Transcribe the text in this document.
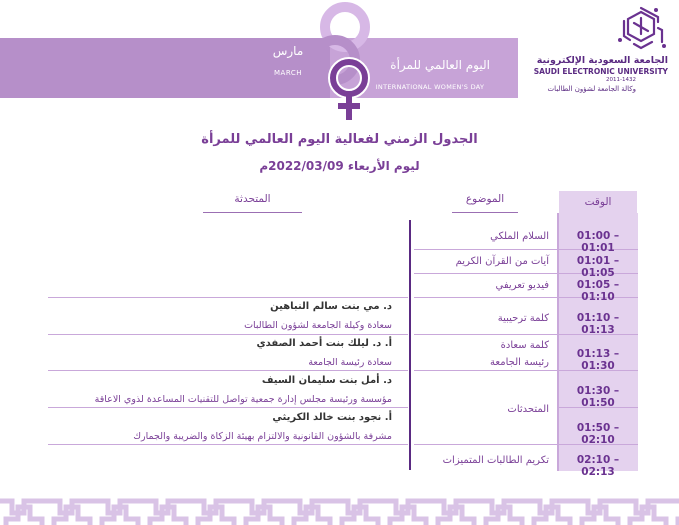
مارس
MARCH
اليوم العالمي للمرأة
INTERNATIONAL WOMEN'S DAY
الجامعة السعودية الإلكترونية
SAUDI ELECTRONIC UNIVERSITY
2011-1432
وكالة الجامعة لشؤون الطالبات
الجدول الزمني لفعالية اليوم العالمي للمرأة
ليوم الأربعاء 2022/03/09م
الوقت
الموضوع
المتحدثة
01:00 – 01:01
01:01 – 01:05
01:05 – 01:10
01:10 – 01:13
01:13 – 01:30
01:30 – 01:50
01:50 – 02:10
02:10 – 02:13
السلام الملكي
آيات من القرآن الكريم
فيديو تعريفي
كلمة ترحيبية
كلمة سعادة رئيسة الجامعة
المتحدثات
تكريم الطالبات المتميزات
د. مي بنت سالم النباهين
سعادة وكيلة الجامعة لشؤون الطالبات
أ. د. ليلك بنت أحمد الصفدي
سعادة رئيسة الجامعة
د. أمل بنت سليمان السيف
مؤسسة ورئيسة مجلس إدارة جمعية تواصل للتقنيات المساعدة لذوي الاعاقة
أ. نجود بنت خالد الكريثي
مشرفة بالشؤون القانونية والالتزام بهيئة الزكاة والضريبة والجمارك
